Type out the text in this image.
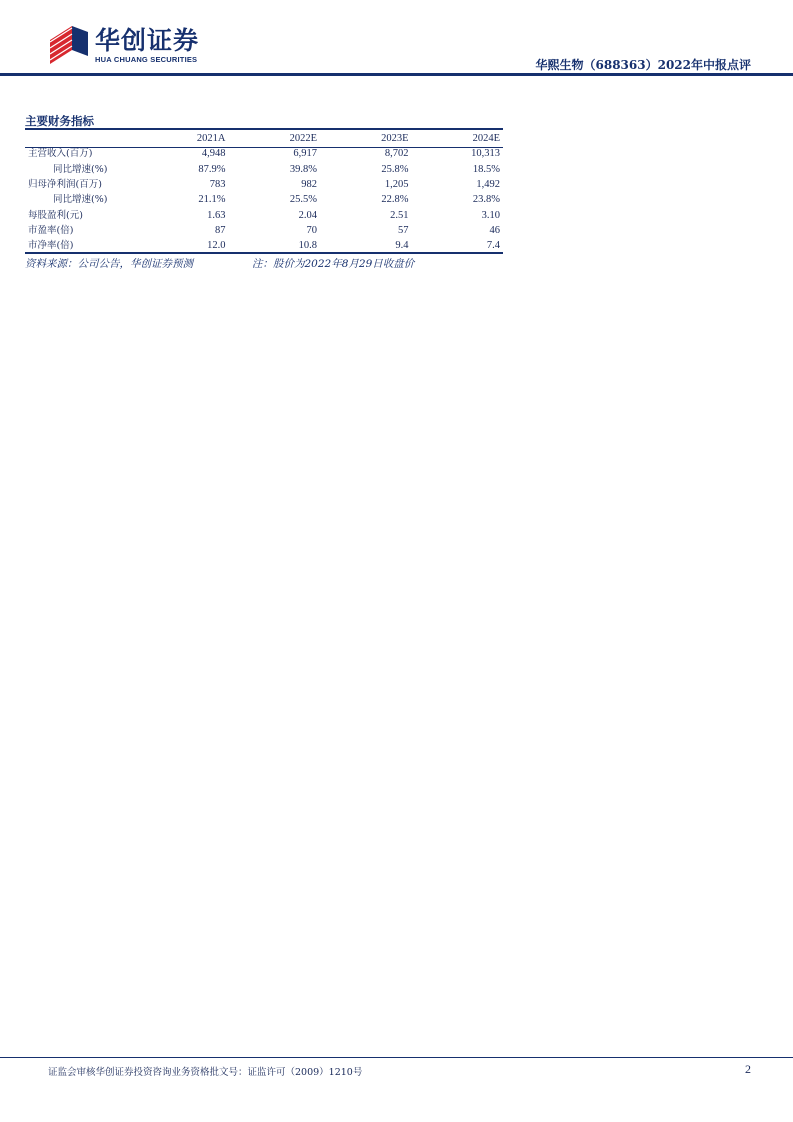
华创证券
HUA CHUANG SECURITIES	华熙生物（688363）2022年中报点评
主要财务指标
	2021A	2022E	2023E	2024E
主营收入(百万)	4,948	6,917	8,702	10,313
同比增速(%)	87.9%	39.8%	25.8%	18.5%
归母净利润(百万)	783	982	1,205	1,492
同比增速(%)	21.1%	25.5%	22.8%	23.8%
每股盈利(元)	1.63	2.04	2.51	3.10
市盈率(倍)	87	70	57	46
市净率(倍)	12.0	10.8	9.4	7.4
资料来源：公司公告，华创证券预测	注：股价为2022年8月29日收盘价
证监会审核华创证券投资咨询业务资格批文号：证监许可（2009）1210号	2
